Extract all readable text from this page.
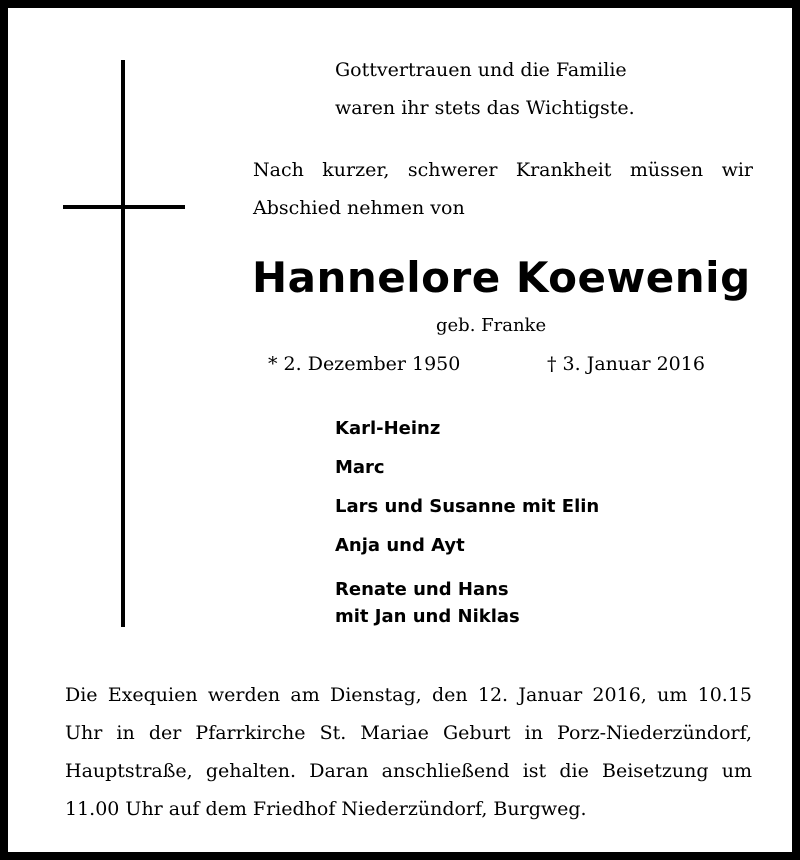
Gottvertrauen und die Familie
waren ihr stets das Wichtigste.
Nach kurzer, schwerer Krankheit müssen wir Abschied nehmen von
Hannelore Koewenig
geb. Franke
* 2. Dezember 1950	† 3. Januar 2016
Karl-Heinz
Marc
Lars und Susanne mit Elin
Anja und Ayt
Renate und Hans
mit Jan und Niklas
Die Exequien werden am Dienstag, den 12. Januar 2016, um 10.15 Uhr in der Pfarrkirche St. Mariae Geburt in Porz-Niederzündorf, Hauptstraße, gehalten. Daran anschließend ist die Beisetzung um 11.00 Uhr auf dem Friedhof Niederzündorf, Burgweg.
